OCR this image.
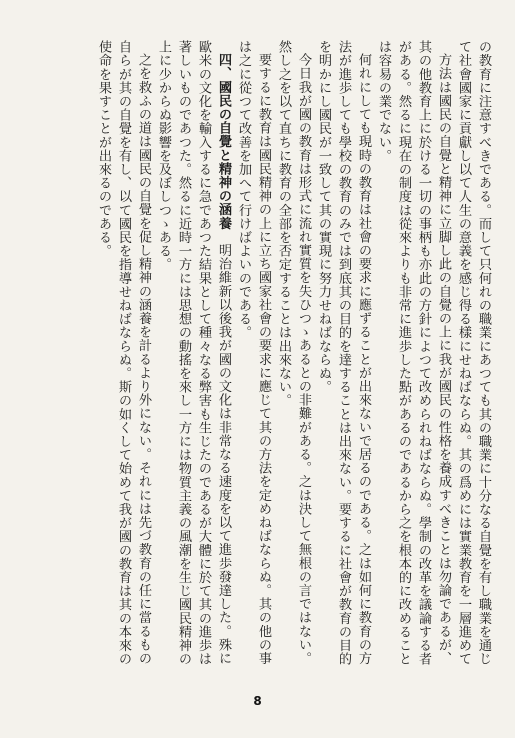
の教育に注意すべきである。而して只何れの職業にあつても其の職業に十分なる自覺を有し職業を通じて社會國家に貢獻し以て人生の意義を感じ得る樣にせねばならぬ。其の爲めには實業教育を一層進めて

方法は國民の自覺と精神に立脚し此の自覺の上に我が國民の性格を養成すべきことは勿論であるが、其の他教育上に於ける一切の事柄も亦此の方針によつて改められねばならぬ。學制の改革を議論する者がある。然るに現在の制度は從來よりも非常に進歩した點があるのであるから之を根本的に改めることは容易の業でない。

何れにしても現時の教育は社會の要求に應ずることが出來ないで居るのである。之は如何に教育の方法が進歩しても學校の教育のみでは到底其の目的を達することは出來ない。要するに社會が教育の目的を明かにし國民が一致して其の實現に努力せねばならぬ。

今日我が國の教育は形式に流れ實質を失ひつゝあるとの非難がある。之は決して無根の言ではない。然し之を以て直ちに教育の全部を否定することは出來ない。

要するに教育は國民精神の上に立ち國家社會の要求に應じて其の方法を定めねばならぬ。其の他の事は之に從つて改善を加へて行けばよいのである。

四、國民の自覺と精神の涵養　明治維新以後我が國の文化は非常なる速度を以て進歩發達した。殊に歐米の文化を輸入するに急であつた結果として種々なる弊害も生じたのであるが大體に於て其の進歩は著しいものであつた。然るに近時一方には思想の動搖を來し一方には物質主義の風潮を生じ國民精神の上に少からぬ影響を及ぼしつゝある。

之を救ふの道は國民の自覺を促し精神の涵養を計るより外にない。それには先づ教育の任に當るもの自らが其の自覺を有し、以て國民を指導せねばならぬ。斯の如くして始めて我が國の教育は其の本來の使命を果すことが出來るのである。

8
